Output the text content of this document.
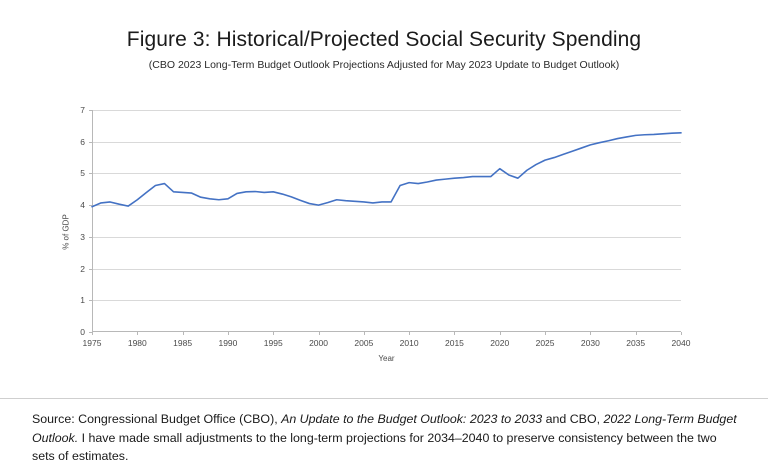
Figure 3: Historical/Projected Social Security Spending
(CBO 2023 Long-Term Budget Outlook Projections Adjusted for May 2023 Update to Budget Outlook)
% of GDP
Year
0
1
2
3
4
5
6
7
1975	1980	1985	1990	1995	2000	2005	2010	2015	2020	2025	2030	2035	2040
Source: Congressional Budget Office (CBO), An Update to the Budget Outlook: 2023 to 2033 and CBO, 2022 Long-Term Budget Outlook. I have made small adjustments to the long-term projections for 2034–2040 to preserve consistency between the two sets of estimates.
